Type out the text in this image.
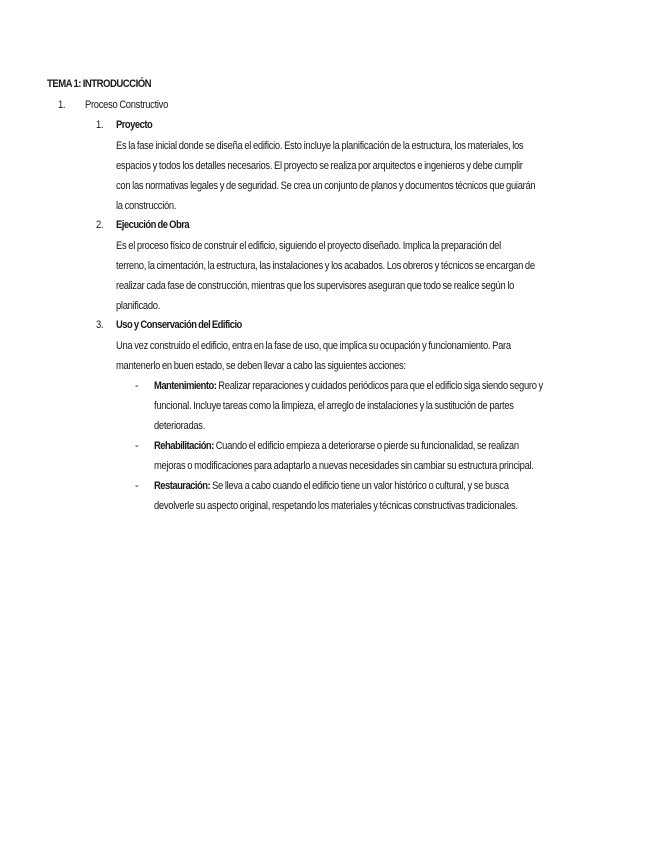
TEMA 1: INTRODUCCIÓN
1. Proceso Constructivo
1. Proyecto
Es la fase inicial donde se diseña el edificio. Esto incluye la planificación de la estructura, los materiales, los
espacios y todos los detalles necesarios. El proyecto se realiza por arquitectos e ingenieros y debe cumplir
con las normativas legales y de seguridad. Se crea un conjunto de planos y documentos técnicos que guiarán
la construcción.
2. Ejecución de Obra
Es el proceso físico de construir el edificio, siguiendo el proyecto diseñado. Implica la preparación del
terreno, la cimentación, la estructura, las instalaciones y los acabados. Los obreros y técnicos se encargan de
realizar cada fase de construcción, mientras que los supervisores aseguran que todo se realice según lo
planificado.
3. Uso y Conservación del Edificio
Una vez construido el edificio, entra en la fase de uso, que implica su ocupación y funcionamiento. Para
mantenerlo en buen estado, se deben llevar a cabo las siguientes acciones:
- Mantenimiento: Realizar reparaciones y cuidados periódicos para que el edificio siga siendo seguro y
funcional. Incluye tareas como la limpieza, el arreglo de instalaciones y la sustitución de partes
deterioradas.
- Rehabilitación: Cuando el edificio empieza a deteriorarse o pierde su funcionalidad, se realizan
mejoras o modificaciones para adaptarlo a nuevas necesidades sin cambiar su estructura principal.
- Restauración: Se lleva a cabo cuando el edificio tiene un valor histórico o cultural, y se busca
devolverle su aspecto original, respetando los materiales y técnicas constructivas tradicionales.
